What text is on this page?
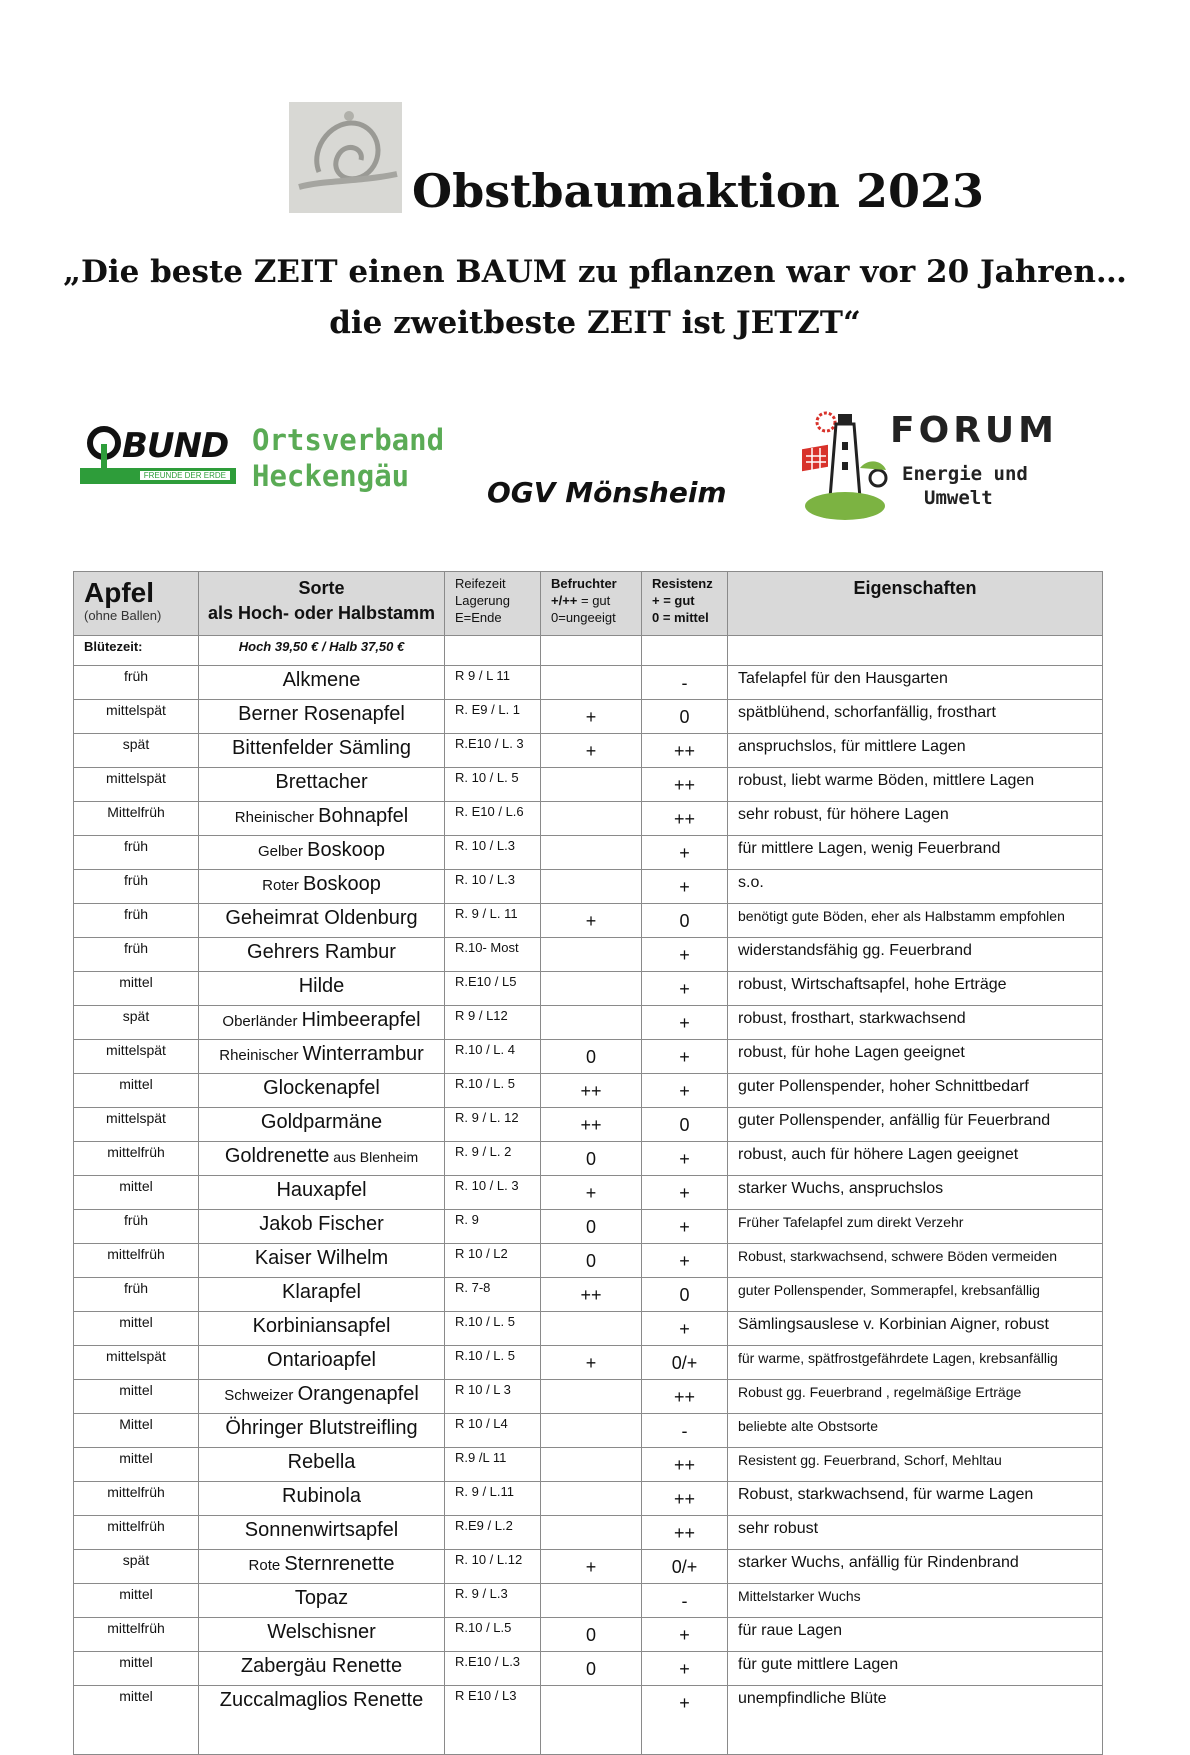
Obstbaumaktion 2023

„Die beste ZEIT einen BAUM zu pflanzen war vor 20 Jahren…

die zweitbeste ZEIT ist JETZT“

BUND
FREUNDE DER ERDE
Ortsverband
Heckengäu	OGV Mönsheim
FORUM
Energie und
Umwelt
Apfel
(ohne Ballen)	Sorte
als Hoch- oder Halbstamm	Reifezeit
Lagerung
E=Ende	Befruchter
+/++ = gut
0=ungeeigt	Resistenz
+ = gut
0 = mittel	Eigenschaften

Blütezeit:	Hoch 39,50 € / Halb 37,50 €				
früh	Alkmene	R 9 / L 11		-	Tafelapfel für den Hausgarten
mittelspät	Berner Rosenapfel	R. E9 / L. 1	+	0	spätblühend, schorfanfällig, frosthart
spät	Bittenfelder Sämling	R.E10 / L. 3	+	++	anspruchslos, für mittlere Lagen
mittelspät	Brettacher	R. 10 / L. 5		++	robust, liebt warme Böden, mittlere Lagen
Mittelfrüh	Rheinischer Bohnapfel	R. E10 / L.6		++	sehr robust, für höhere Lagen
früh	Gelber Boskoop	R. 10 / L.3		+	für mittlere Lagen, wenig Feuerbrand
früh	Roter Boskoop	R. 10 / L.3		+	s.o.
früh	Geheimrat Oldenburg	R. 9 / L. 11	+	0	benötigt gute Böden, eher als Halbstamm empfohlen
früh	Gehrers Rambur	R.10- Most		+	widerstandsfähig gg. Feuerbrand
mittel	Hilde	R.E10 / L5		+	robust, Wirtschaftsapfel, hohe Erträge
spät	Oberländer Himbeerapfel	R 9 / L12		+	robust, frosthart, starkwachsend
mittelspät	Rheinischer Winterrambur	R.10 / L. 4	0	+	robust, für hohe Lagen geeignet
mittel	Glockenapfel	R.10 / L. 5	++	+	guter Pollenspender, hoher Schnittbedarf
mittelspät	Goldparmäne	R. 9 / L. 12	++	0	guter Pollenspender, anfällig für Feuerbrand
mittelfrüh	Goldrenette aus Blenheim	R. 9 / L. 2	0	+	robust, auch für höhere Lagen geeignet
mittel	Hauxapfel	R. 10 / L. 3	+	+	starker Wuchs, anspruchslos
früh	Jakob Fischer	R. 9	0	+	Früher Tafelapfel zum direkt Verzehr
mittelfrüh	Kaiser Wilhelm	R 10 / L2	0	+	Robust, starkwachsend, schwere Böden vermeiden
früh	Klarapfel	R. 7-8	++	0	guter Pollenspender, Sommerapfel, krebsanfällig
mittel	Korbiniansapfel	R.10 / L. 5		+	Sämlingsauslese v. Korbinian Aigner, robust
mittelspät	Ontarioapfel	R.10 / L. 5	+	0/+	für warme, spätfrostgefährdete Lagen, krebsanfällig
mittel	Schweizer Orangenapfel	R 10 / L 3		++	Robust gg. Feuerbrand , regelmäßige Erträge
Mittel	Öhringer Blutstreifling	R 10 / L4		-	beliebte alte Obstsorte
mittel	Rebella	R.9 /L 11		++	Resistent gg. Feuerbrand, Schorf, Mehltau
mittelfrüh	Rubinola	R. 9 / L.11		++	Robust, starkwachsend, für warme Lagen
mittelfrüh	Sonnenwirtsapfel	R.E9 / L.2		++	sehr robust
spät	Rote Sternrenette	R. 10 / L.12	+	0/+	starker Wuchs, anfällig für Rindenbrand
mittel	Topaz	R. 9 / L.3		-	Mittelstarker Wuchs
mittelfrüh	Welschisner	R.10 / L.5	0	+	für raue Lagen
mittel	Zabergäu Renette	R.E10 / L.3	0	+	für gute mittlere Lagen
mittel	Zuccalmaglios Renette	R E10 / L3		+	unempfindliche Blüte
